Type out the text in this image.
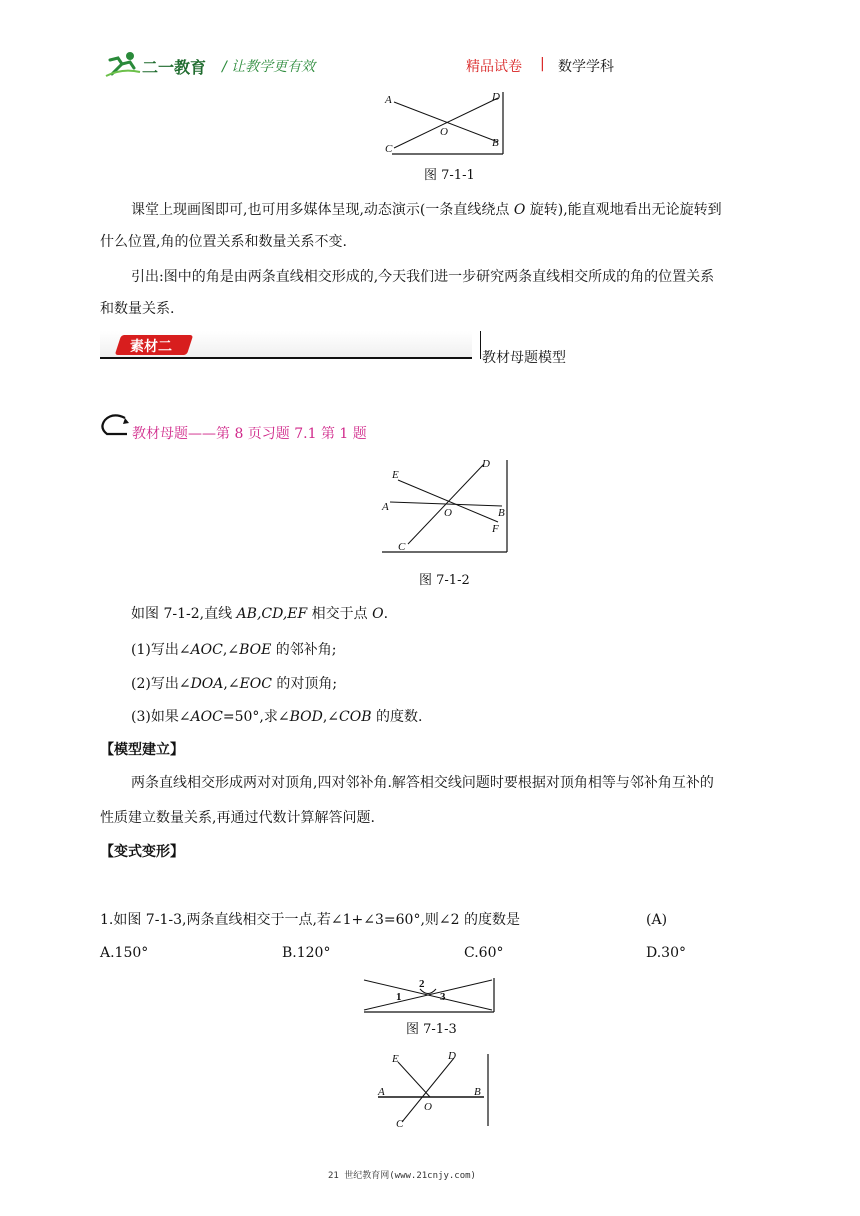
二一教育 / 让教学更有效	精品试卷 | 数学学科
A	D
O
C	B
图 7-1-1
课堂上现画图即可,也可用多媒体呈现,动态演示(一条直线绕点 O 旋转),能直观地看出无论旋转到
什么位置,角的位置关系和数量关系不变.
引出:图中的角是由两条直线相交形成的,今天我们进一步研究两条直线相交所成的角的位置关系
和数量关系.
素材二
教材母题模型
教材母题——第 8 页习题 7.1 第 1 题
E
D
A	O	B
F
C
图 7-1-2
如图 7-1-2,直线 AB,CD,EF 相交于点 O.
(1)写出∠AOC,∠BOE 的邻补角;
(2)写出∠DOA,∠EOC 的对顶角;
(3)如果∠AOC=50°,求∠BOD,∠COB 的度数.
【模型建立】
两条直线相交形成两对对顶角,四对邻补角.解答相交线问题时要根据对顶角相等与邻补角互补的
性质建立数量关系,再通过代数计算解答问题.
【变式变形】
1.如图 7-1-3,两条直线相交于一点,若∠1+∠3=60°,则∠2 的度数是	(A)
A.150°	B.120°	C.60°	D.30°
1
2
3
图 7-1-3
E	D
A
O
B
C
21 世纪教育网(www.21cnjy.com)
